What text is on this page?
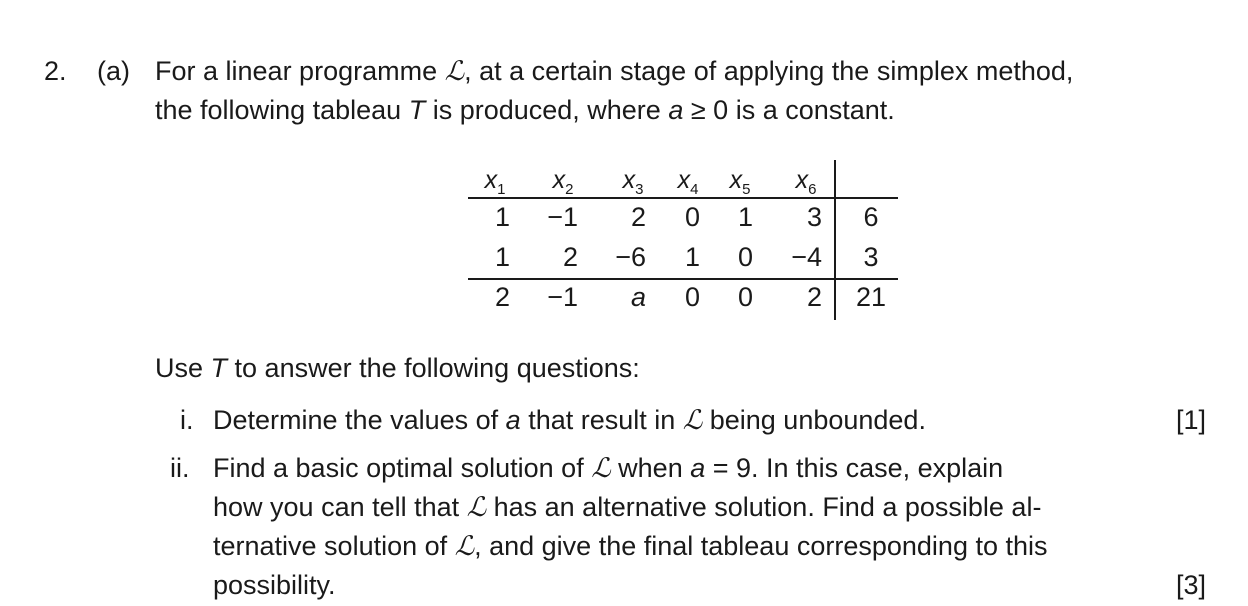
2. (a) For a linear programme ℒ, at a certain stage of applying the simplex method,
the following tableau T is produced, where a ≥ 0 is a constant.
$x_1$	$x_2$	$x_3$	$x_4$	$x_5$	$x_6$
1	−1	2	0	1	3	6
1	2	−6	1	0	−4	3
2	−1	a	0	0	2	21
Use T to answer the following questions:
i. Determine the values of a that result in ℒ being unbounded.	[1]
ii. Find a basic optimal solution of ℒ when a = 9. In this case, explain
how you can tell that ℒ has an alternative solution. Find a possible al-
ternative solution of ℒ, and give the final tableau corresponding to this
possibility.	[3]
